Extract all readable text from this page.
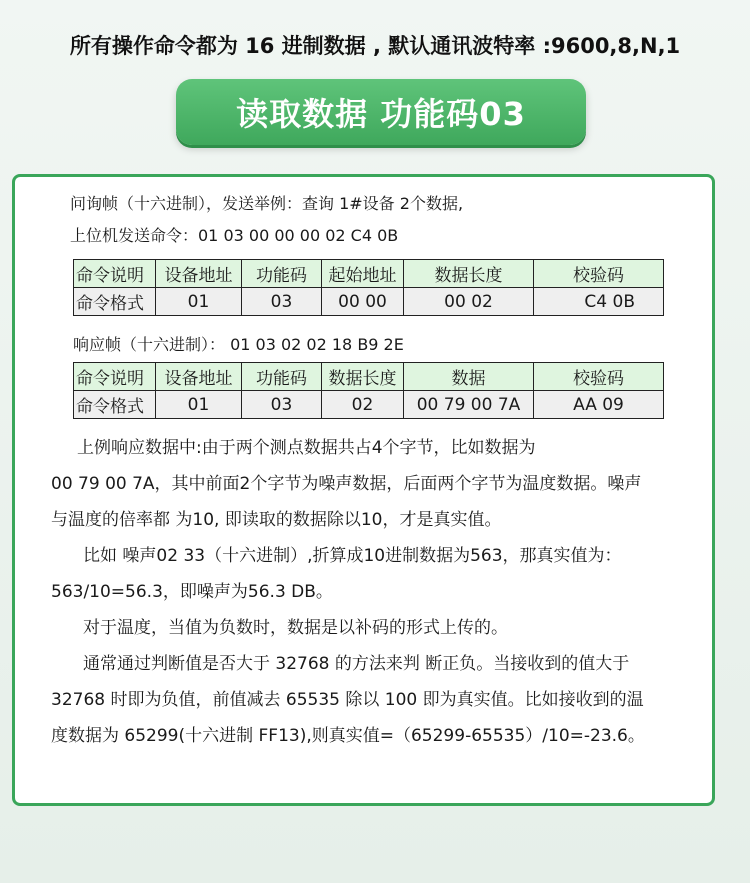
所有操作命令都为 16 进制数据 , 默认通讯波特率 :9600,8,N,1
读取数据 功能码03
问询帧（十六进制），发送举例：查询 1#设备 2个数据,
上位机发送命令：01 03 00 00 00 02 C4 0B
命令说明	设备地址	功能码	起始地址	数据长度	校验码
命令格式	01	03	00 00	00 02	C4 0B
响应帧（十六进制）： 01 03 02 02 18 B9 2E
命令说明	设备地址	功能码	数据长度	数据	校验码
命令格式	01	03	02	00 79 00 7A	AA 09
上例响应数据中:由于两个测点数据共占4个字节，比如数据为
00 79 00 7A，其中前面2个字节为噪声数据，后面两个字节为温度数据。噪声
与温度的倍率都 为10, 即读取的数据除以10，才是真实值。
比如 噪声02 33（十六进制）,折算成10进制数据为563，那真实值为：
563/10=56.3，即噪声为56.3 DB。
对于温度，当值为负数时，数据是以补码的形式上传的。
通常通过判断值是否大于 32768 的方法来判 断正负。当接收到的值大于
32768 时即为负值，前值减去 65535 除以 100 即为真实值。比如接收到的温
度数据为 65299(十六进制 FF13),则真实值=（65299-65535）/10=-23.6。
